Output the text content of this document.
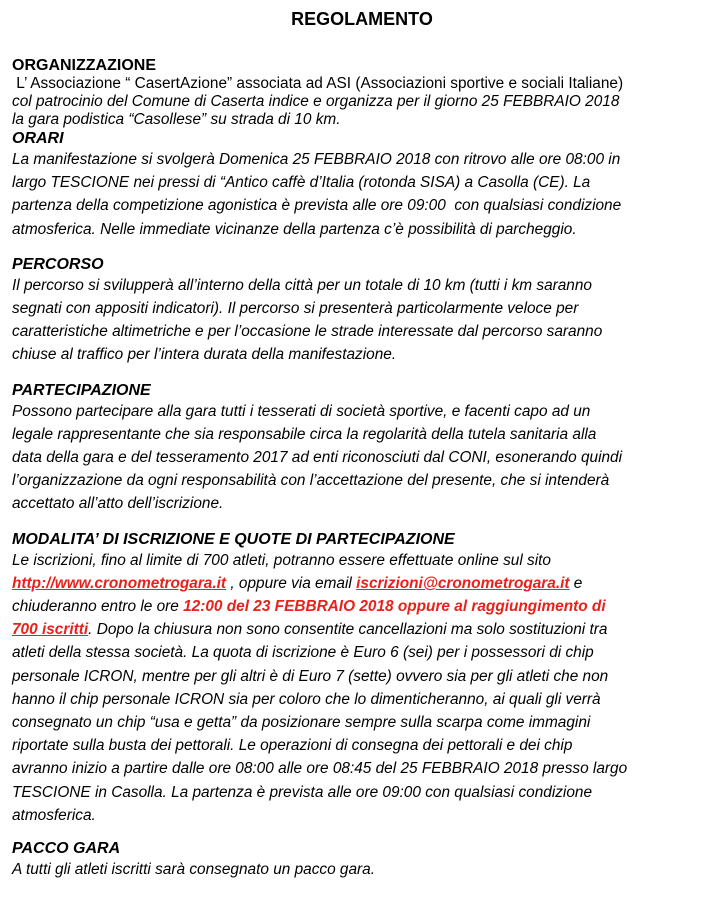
REGOLAMENTO
ORGANIZZAZIONE
L’ Associazione “ CasertAzione” associata ad ASI (Associazioni sportive e sociali Italiane)
col patrocinio del Comune di Caserta indice e organizza per il giorno 25 FEBBRAIO 2018
la gara podistica “Casollese” su strada di 10 km.
ORARI
La manifestazione si svolgerà Domenica 25 FEBBRAIO 2018 con ritrovo alle ore 08:00 in
largo TESCIONE nei pressi di “Antico caffè d’Italia (rotonda SISA) a Casolla (CE). La
partenza della competizione agonistica è prevista alle ore 09:00  con qualsiasi condizione
atmosferica. Nelle immediate vicinanze della partenza c’è possibilità di parcheggio.
PERCORSO
Il percorso si svilupperà all’interno della città per un totale di 10 km (tutti i km saranno
segnati con appositi indicatori). Il percorso si presenterà particolarmente veloce per
caratteristiche altimetriche e per l’occasione le strade interessate dal percorso saranno
chiuse al traffico per l’intera durata della manifestazione.
PARTECIPAZIONE
Possono partecipare alla gara tutti i tesserati di società sportive, e facenti capo ad un
legale rappresentante che sia responsabile circa la regolarità della tutela sanitaria alla
data della gara e del tesseramento 2017 ad enti riconosciuti dal CONI, esonerando quindi
l’organizzazione da ogni responsabilità con l’accettazione del presente, che si intenderà
accettato all’atto dell’iscrizione.
MODALITA’ DI ISCRIZIONE E QUOTE DI PARTECIPAZIONE
Le iscrizioni, fino al limite di 700 atleti, potranno essere effettuate online sul sito
http://www.cronometrogara.it , oppure via email iscrizioni@cronometrogara.it e
chiuderanno entro le ore 12:00 del 23 FEBBRAIO 2018 oppure al raggiungimento di
700 iscritti. Dopo la chiusura non sono consentite cancellazioni ma solo sostituzioni tra
atleti della stessa società. La quota di iscrizione è Euro 6 (sei) per i possessori di chip
personale ICRON, mentre per gli altri è di Euro 7 (sette) ovvero sia per gli atleti che non
hanno il chip personale ICRON sia per coloro che lo dimenticheranno, ai quali gli verrà
consegnato un chip “usa e getta” da posizionare sempre sulla scarpa come immagini
riportate sulla busta dei pettorali. Le operazioni di consegna dei pettorali e dei chip
avranno inizio a partire dalle ore 08:00 alle ore 08:45 del 25 FEBBRAIO 2018 presso largo
TESCIONE in Casolla. La partenza è prevista alle ore 09:00 con qualsiasi condizione
atmosferica.
PACCO GARA
A tutti gli atleti iscritti sarà consegnato un pacco gara.
